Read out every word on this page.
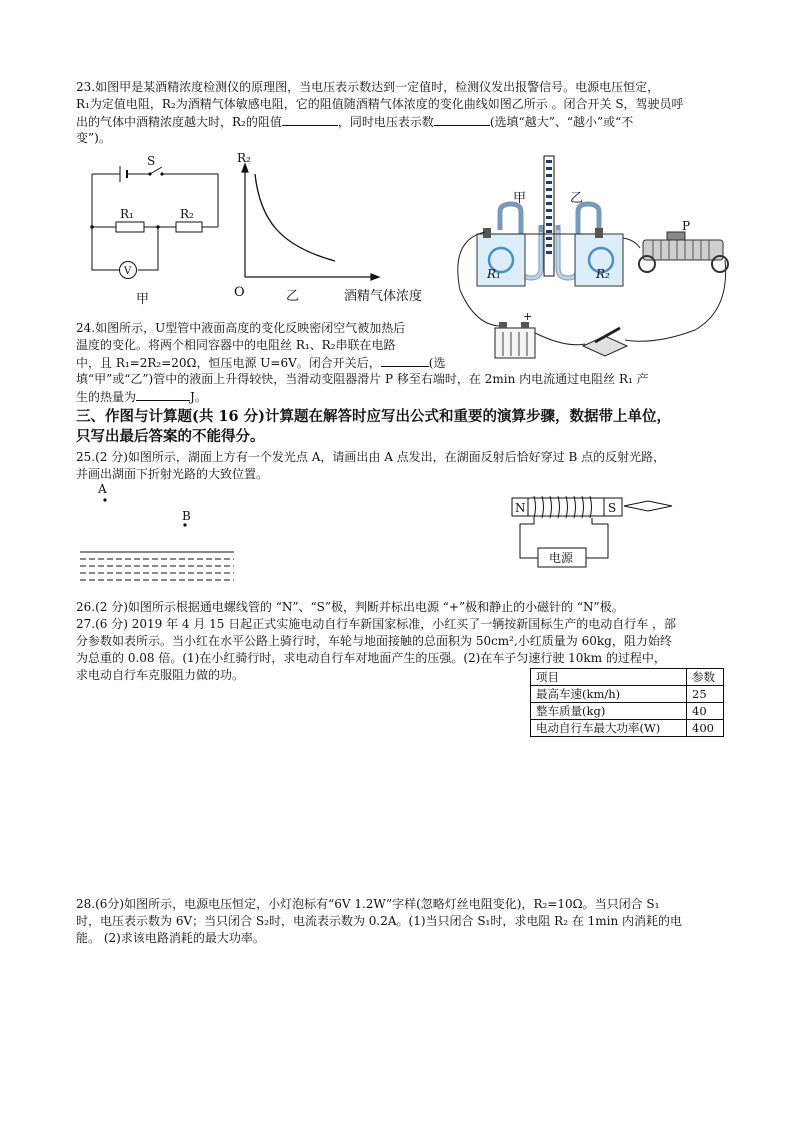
23.如图甲是某酒精浓度检测仪的原理图，当电压表示数达到一定值时，检测仪发出报警信号。电源电压恒定，
R₁为定值电阻，R₂为酒精气体敏感电阻，它的阻值随酒精气体浓度的变化曲线如图乙所示 。闭合开关 S，驾驶员呼
出的气体中酒精浓度越大时，R₂的阻值	，同时电压表示数	(选填“越大”、“越小”或“不
变”)。
S
R₁	R₂
V
甲
R₂
O	乙	酒精气体浓度
甲	乙
R₁	R₂
P
+
24.如图所示，U型管中液面高度的变化反映密闭空气被加热后
温度的变化。将两个相同容器中的电阻丝 R₁、R₂串联在电路
中，且 R₁=2R₂=20Ω，恒压电源 U=6V。闭合开关后，	(选
填“甲”或“乙”)管中的液面上升得较快，当滑动变阻器滑片 P 移至右端时，在 2min 内电流通过电阻丝 R₁ 产
生的热量为	J。
三、作图与计算题(共 16 分)计算题在解答时应写出公式和重要的演算步骤，数据带上单位，
只写出最后答案的不能得分。
25.(2 分)如图所示，湖面上方有一个发光点 A，请画出由 A 点发出，在湖面反射后恰好穿过 B 点的反射光路，
并画出湖面下折射光路的大致位置。
A
B
N	S
电源
26.(2 分)如图所示根据通电螺线管的 “N”、“S”极，判断并标出电源 “+”极和静止的小磁针的 “N”极。
27.(6 分) 2019 年 4 月 15 日起正式实施电动自行车新国家标准，小红买了一辆按新国标生产的电动自行车 ，部
分参数如表所示。当小红在水平公路上骑行时，车轮与地面接触的总面积为 50cm²,小红质量为 60kg，阻力始终
为总重的 0.08 倍。(1)在小红骑行时，求电动自行车对地面产生的压强。(2)在车子匀速行驶 10km 的过程中，
求电动自行车克服阻力做的功。	项目	参数
最高车速(km/h)	25
整车质量(kg)	40
电动自行车最大功率(W)	400
28.(6分)如图所示，电源电压恒定，小灯泡标有“6V 1.2W”字样(忽略灯丝电阻变化)，R₂=10Ω。当只闭合 S₁
时，电压表示数为 6V；当只闭合 S₂时，电流表示数为 0.2A。(1)当只闭合 S₁时，求电阻 R₂ 在 1min 内消耗的电
能。 (2)求该电路消耗的最大功率。
